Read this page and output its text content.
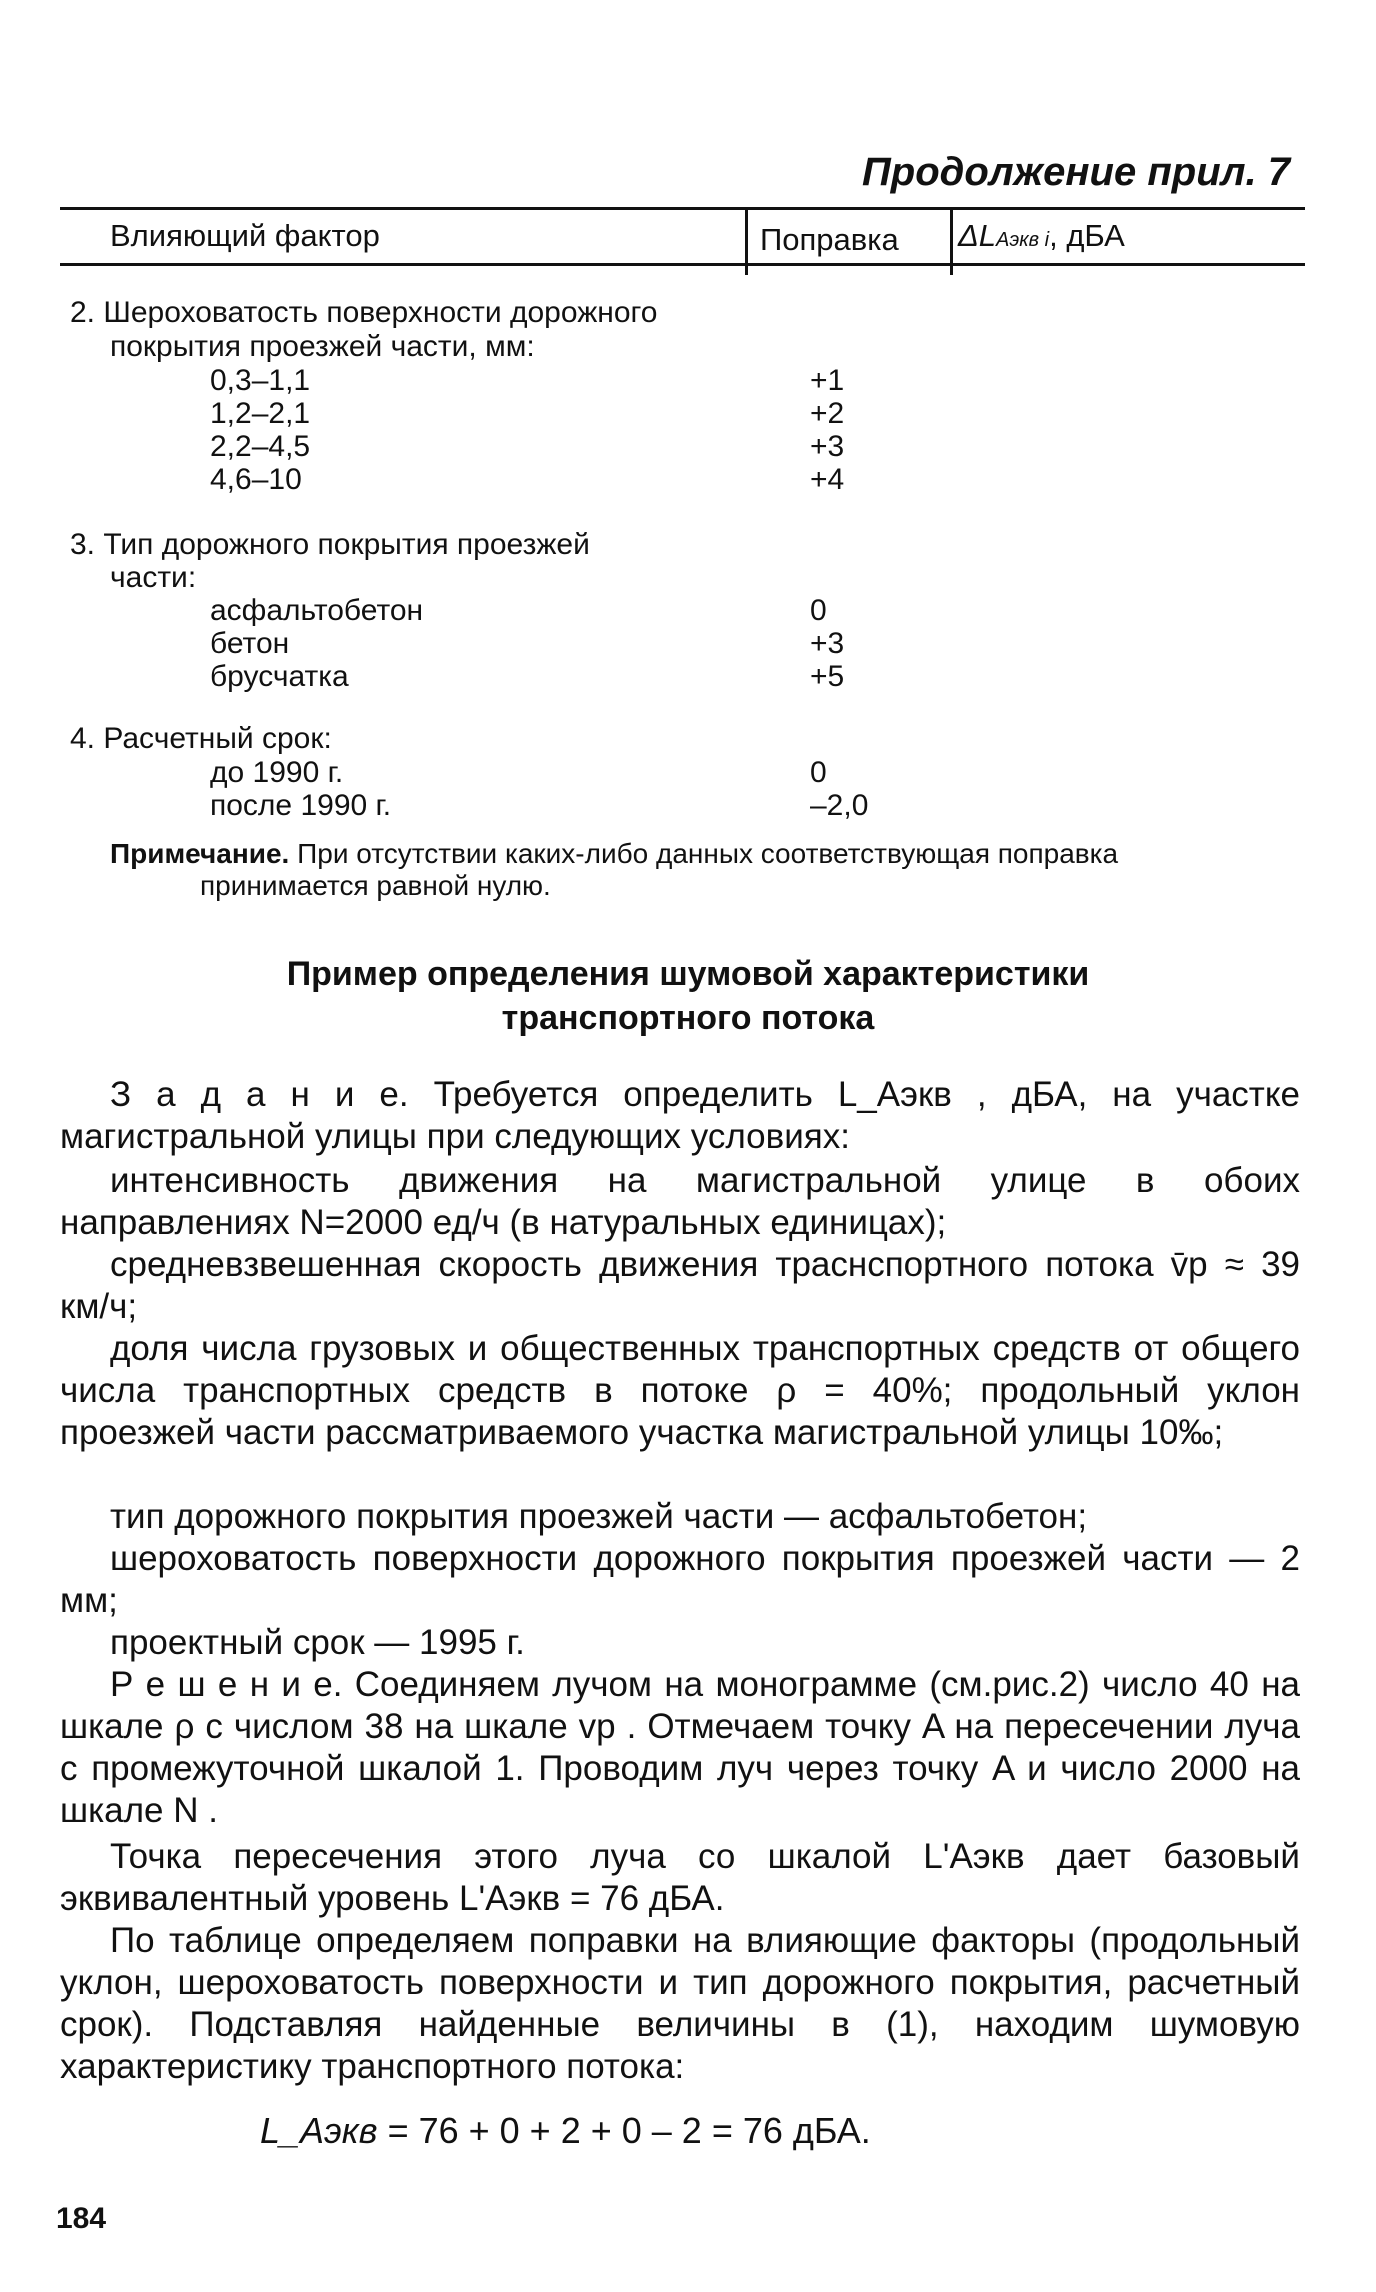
Продолжение прил. 7
Влияющий фактор	Поправка ΔLAэкв i, дБА
2. Шероховатость поверхности дорожного
покрытия проезжей части, мм:
0,3–1,1	+1
1,2–2,1	+2
2,2–4,5	+3
4,6–10	+4
3. Тип дорожного покрытия проезжей
части:
асфальтобетон	0
бетон	+3
брусчатка	+5
4. Расчетный срок:
до 1990 г.	0
после 1990 г.	–2,0
Примечание. При отсутствии каких-либо данных соответствующая поправка
принимается равной нулю.
Пример определения шумовой характеристики
транспортного потока
З а д а н и е. Требуется определить L_Aэкв , дБА, на участке магистральной улицы при следующих условиях:
интенсивность движения на магистральной улице в обоих направлениях N=2000 ед/ч (в натуральных единицах);
средневзвешенная скорость движения траснспортного потока v̄p ≈ 39 км/ч;
доля числа грузовых и общественных транспортных средств от общего числа транспортных средств в потоке ρ = 40%; продольный уклон проезжей части рассматриваемого участка магистральной улицы 10‰;
тип дорожного покрытия проезжей части — асфальтобетон;
шероховатость поверхности дорожного покрытия проезжей части — 2 мм;
проектный срок — 1995 г.
Р е ш е н и е. Соединяем лучом на монограмме (см.рис.2) число 40 на шкале ρ с числом 38 на шкале vp . Отмечаем точку A на пересечении луча с промежуточной шкалой 1. Проводим луч через точку A и число 2000 на шкале N .
Точка пересечения этого луча со шкалой L'Aэкв дает базовый эквивалентный уровень L'Aэкв = 76 дБА.
По таблице определяем поправки на влияющие факторы (продольный уклон, шероховатость поверхности и тип дорожного покрытия, расчетный срок). Подставляя найденные величины в (1), находим шумовую характеристику транспортного потока:
L_Aэкв = 76 + 0 + 2 + 0 – 2 = 76 дБА.
184
